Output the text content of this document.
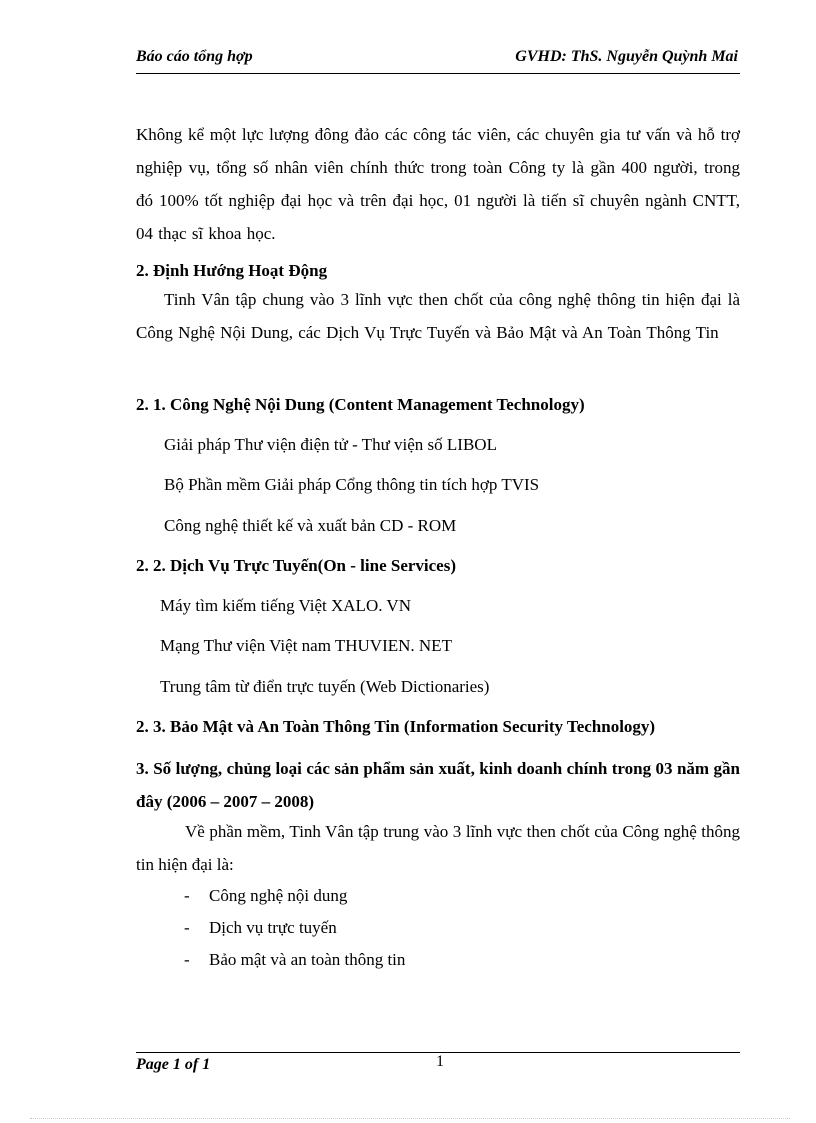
Báo cáo tổng hợp	GVHD: ThS. Nguyễn Quỳnh Mai

Không kể một lực lượng đông đảo các công tác viên, các chuyên gia tư vấn và hỗ trợ nghiệp vụ, tổng số nhân viên chính thức trong toàn Công ty là gần 400 người, trong đó 100% tốt nghiệp đại học và trên đại học, 01 người là tiến sĩ chuyên ngành CNTT, 04 thạc sĩ khoa học.

2. Định Hướng Hoạt Động

Tinh Vân tập chung vào 3 lĩnh vực then chốt của công nghệ thông tin hiện đại là Công Nghệ Nội Dung, các Dịch Vụ Trực Tuyến và Bảo Mật và An Toàn Thông Tin

2. 1. Công Nghệ Nội Dung (Content Management Technology)
Giải pháp Thư viện điện tử - Thư viện số LIBOL
Bộ Phần mềm Giải pháp Cổng thông tin tích hợp TVIS
Công nghệ thiết kế và xuất bản CD - ROM
2. 2. Dịch Vụ Trực Tuyến(On - line Services)
Máy tìm kiếm tiếng Việt XALO. VN
Mạng Thư viện Việt nam THUVIEN. NET
Trung tâm từ điển trực tuyến (Web Dictionaries)
2. 3. Bảo Mật và An Toàn Thông Tin (Information Security Technology)
3. Số lượng, chủng loại các sản phẩm sản xuất, kinh doanh chính trong 03 năm gần đây (2006 – 2007 – 2008)

Về phần mềm, Tinh Vân tập trung vào 3 lĩnh vực then chốt của Công nghệ thông tin hiện đại là:

- Công nghệ nội dung
- Dịch vụ trực tuyến
- Bảo mật và an toàn thông tin
Page 1 of 1	1
